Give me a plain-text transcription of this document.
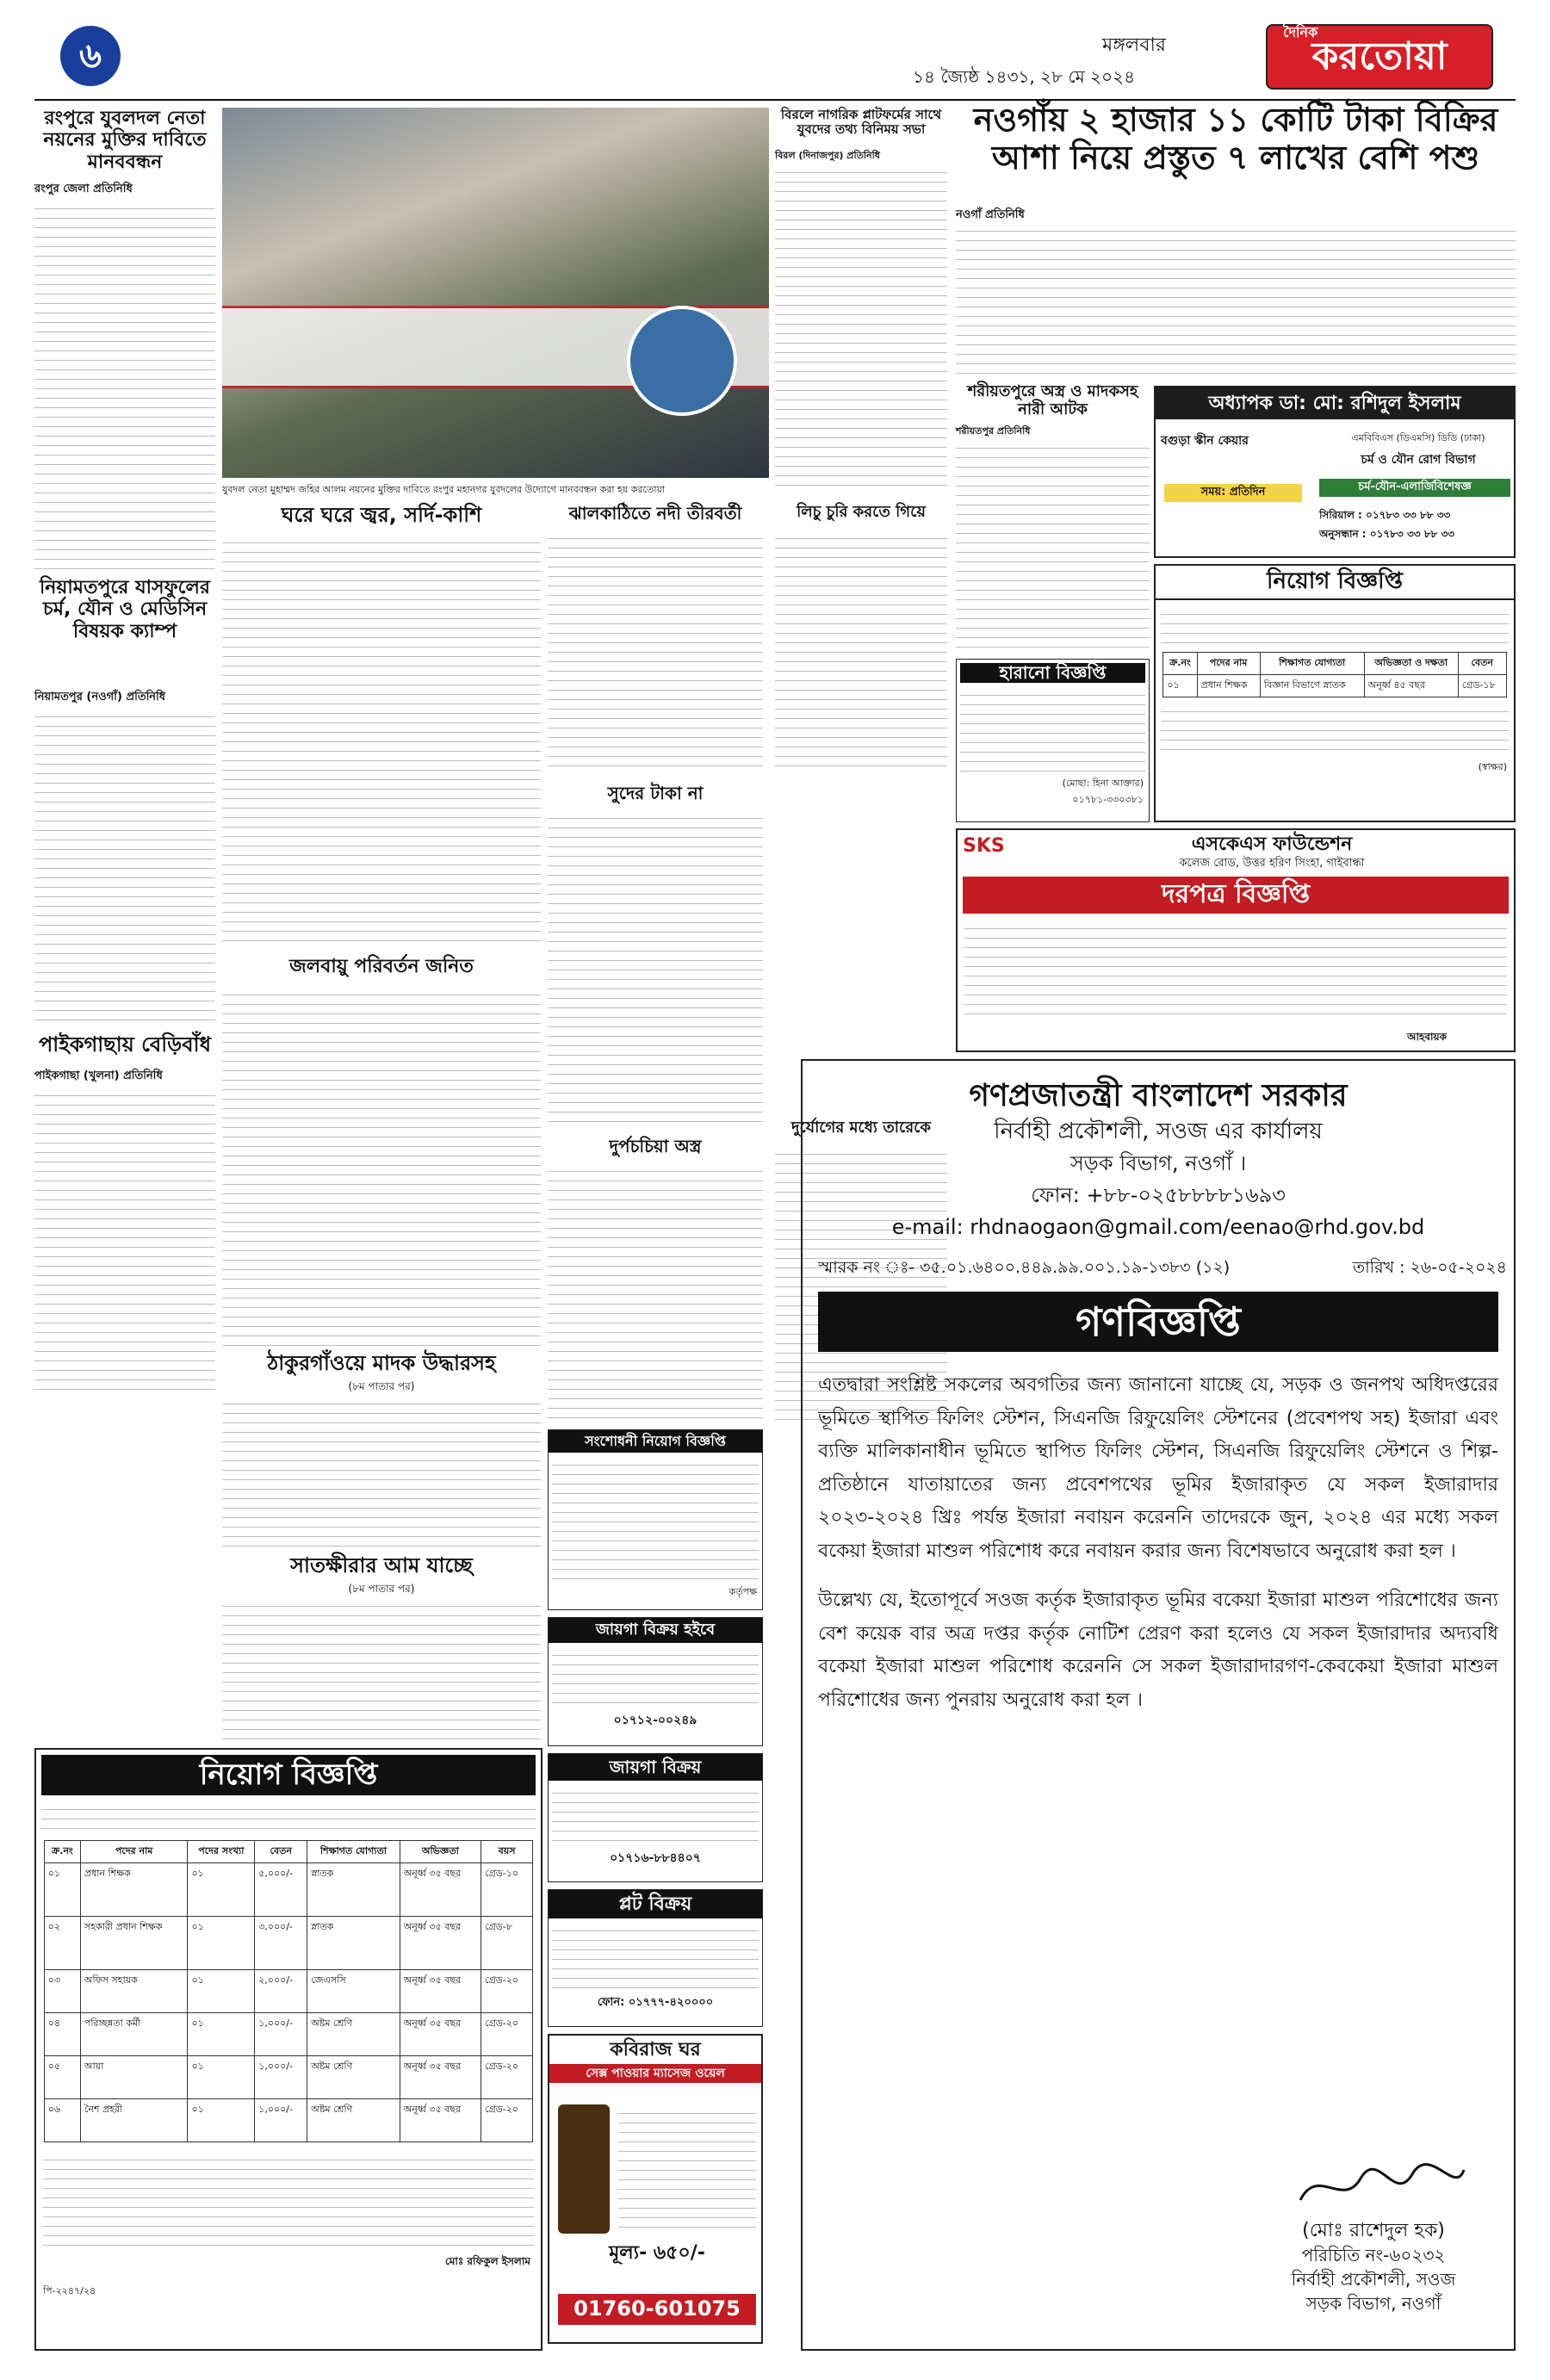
৬	মঙ্গলবার
১৪ জ্যৈষ্ঠ ১৪৩১, ২৮ মে ২০২৪
দৈনিক
করতোয়া
রংপুরে যুবলদল নেতা নয়নের মুক্তির দাবিতে মানববন্ধন
রংপুর জেলা প্রতিনিধি
নিয়ামতপুরে যাসফুলের চর্ম, যৌন ও মেডিসিন বিষয়ক ক্যাম্প
নিয়ামতপুর (নওগাঁ) প্রতিনিধি
পাইকগাছায় বেড়িবাঁধ
পাইকগাছা (খুলনা) প্রতিনিধি
যুবদল নেতা মুহাম্মদ জহির আলম নয়নের মুক্তির দাবিতে রংপুর মহানগর যুবদলের উদ্যোগে মানববন্ধন করা হয় করতোয়া
ঘরে ঘরে জ্বর, সর্দি-কাশি
জলবায়ু পরিবর্তন জনিত
ঠাকুরগাঁওয়ে মাদক উদ্ধারসহ
(৮ম পাতার পর)
সাতক্ষীরার আম যাচ্ছে
(৮ম পাতার পর)
বিরলে নাগরিক প্লাটফর্মের সাথে যুবদের তথ্য বিনিময় সভা
বিরল (দিনাজপুর) প্রতিনিধি
ঝালকাঠিতে নদী তীরবর্তী	লিচু চুরি করতে গিয়ে
সুদের টাকা না
দুর্যোগের মধ্যে তারেকে
দুর্পচচিয়া অস্ত্র
নওগাঁয় ২ হাজার ১১ কোটি টাকা বিক্রির আশা নিয়ে প্রস্তুত ৭ লাখের বেশি পশু
নওগাঁ প্রতিনিধি
শরীয়তপুরে অস্ত্র ও মাদকসহ নারী আটক
শরীয়তপুর প্রতিনিধি
হারানো বিজ্ঞপ্তি
(মোছা: হিনা আক্তার)
০১৭৮১-৩৩০৩৮১
অধ্যাপক ডা: মো: রশিদুল ইসলাম
বগুড়া স্কীন কেয়ার	এমবিবিএস (ডিএমসি) ডিডি (ঢাকা)
চর্ম ও যৌন রোগ বিভাগ
সময়: প্রতিদিন	চর্ম-যৌন-এলার্জিবিশেষজ্ঞ
সিরিয়াল : ০১৭৮৩ ৩৩ ৮৮ ৩৩
অনুসন্ধান : ০১৭৮৩ ৩৩ ৮৮ ৩৩
নিয়োগ বিজ্ঞপ্তি
ক্র.নং	পদের নাম	শিক্ষাগত যোগ্যতা	অভিজ্ঞতা ও দক্ষতা	বেতন
০১	প্রধান শিক্ষক	বিজ্ঞান বিভাগে স্নাতক	অনূর্ধ্ব ৪৫ বছর	গ্রেড-১৮
(স্বাক্ষর)
SKS	এসকেএস ফাউন্ডেশন
কলেজ রোড, উত্তর হরিণ সিংহা, গাইবান্ধা
দরপত্র বিজ্ঞপ্তি
আহবায়ক
গণপ্রজাতন্ত্রী বাংলাদেশ সরকার
নির্বাহী প্রকৌশলী, সওজ এর কার্যালয়
সড়ক বিভাগ, নওগাঁ ।
ফোন: +৮৮-০২৫৮৮৮৮১৬৯৩
e-mail: rhdnaogaon@gmail.com/eenao@rhd.gov.bd
স্মারক নং ঃ- ৩৫.০১.৬৪০০.৪৪৯.৯৯.০০১.১৯-১৩৮৩ (১২)	তারিখ : ২৬-০৫-২০২৪
গণবিজ্ঞপ্তি
এতদ্বারা সংশ্লিষ্ট সকলের অবগতির জন্য জানানো যাচ্ছে যে, সড়ক ও জনপথ অধিদপ্তরের ভূমিতে স্থাপিত ফিলিং স্টেশন, সিএনজি রিফুয়েলিং স্টেশনের (প্রবেশপথ সহ) ইজারা এবং ব্যক্তি মালিকানাধীন ভূমিতে স্থাপিত ফিলিং স্টেশন, সিএনজি রিফুয়েলিং স্টেশনে ও শিল্প-প্রতিষ্ঠানে যাতায়াতের জন্য প্রবেশপথের ভূমির ইজারাকৃত যে সকল ইজারাদার ২০২৩-২০২৪ খ্রিঃ পর্যন্ত ইজারা নবায়ন করেননি তাদেরকে জুন, ২০২৪ এর মধ্যে সকল বকেয়া ইজারা মাশুল পরিশোধ করে নবায়ন করার জন্য বিশেষভাবে অনুরোধ করা হল ।
উল্লেখ্য যে, ইতোপূর্বে সওজ কর্তৃক ইজারাকৃত ভূমির বকেয়া ইজারা মাশুল পরিশোধের জন্য বেশ কয়েক বার অত্র দপ্তর কর্তৃক নোটিশ প্রেরণ করা হলেও যে সকল ইজারাদার অদ্যবধি বকেয়া ইজারা মাশুল পরিশোধ করেননি সে সকল ইজারাদারগণ-কেবকেয়া ইজারা মাশুল পরিশোধের জন্য পুনরায় অনুরোধ করা হল ।
(মোঃ রাশেদুল হক)
পরিচিতি নং-৬০২৩২
নির্বাহী প্রকৌশলী, সওজ
সড়ক বিভাগ, নওগাঁ
সংশোধনী নিয়োগ বিজ্ঞপ্তি
কর্তৃপক্ষ
জায়গা বিক্রয় হইবে
০১৭১২-০০২৪৯
জায়গা বিক্রয়
০১৭১৬-৮৮৪৪০৭
প্লট বিক্রয়
ফোন: ০১৭৭৭-৪২০০০০
কবিরাজ ঘর
সেক্স পাওয়ার ম্যাসেজ ওয়েল
মূল্য- ৬৫০/-
01760-601075
নিয়োগ বিজ্ঞপ্তি
ক্র.নং	পদের নাম	পদের সংখ্যা	বেতন	শিক্ষাগত যোগ্যতা	অভিজ্ঞতা	বয়স
০১	প্রধান শিক্ষক	০১	৫,০০০/-	স্নাতক	অনূর্ধ্ব ৩৫ বছর	গ্রেড-১০
০২	সহকারী প্রধান শিক্ষক	০১	৩,০০০/-	স্নাতক	অনূর্ধ্ব ৩৫ বছর	গ্রেড-৮
০৩	অফিস সহায়ক	০১	২,০০০/-	জেএসসি	অনূর্ধ্ব ৩৫ বছর	গ্রেড-২০
০৪	পরিচ্ছন্নতা কর্মী	০১	১,০০০/-	অষ্টম শ্রেণি	অনূর্ধ্ব ৩৫ বছর	গ্রেড-২০
০৫	আয়া	০১	১,০০০/-	অষ্টম শ্রেণি	অনূর্ধ্ব ৩৫ বছর	গ্রেড-২০
০৬	নৈশ প্রহরী	০১	১,০০০/-	অষ্টম শ্রেণি	অনূর্ধ্ব ৩৫ বছর	গ্রেড-২০
মোঃ রফিকুল ইসলাম
পি-২২৪৭/২৪
